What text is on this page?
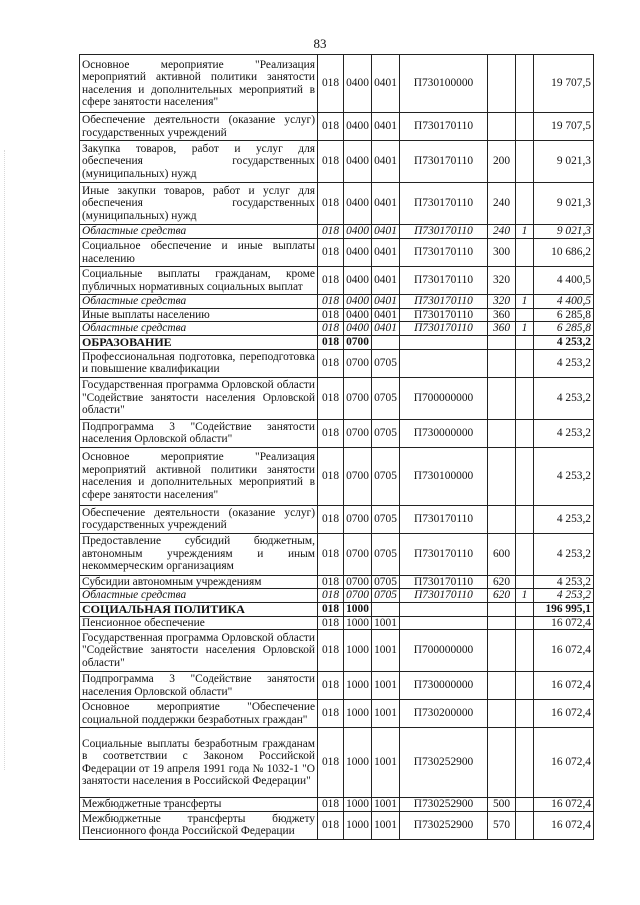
83
Основное мероприятие "Реализация мероприятий активной политики занятости населения и дополнительных мероприятий в сфере занятости населения"	018	0400	0401	П730100000			19 707,5
Обеспечение деятельности (оказание услуг) государственных учреждений	018	0400	0401	П730170110			19 707,5
Закупка товаров, работ и услуг для обеспечения государственных (муниципальных) нужд	018	0400	0401	П730170110	200		9 021,3
Иные закупки товаров, работ и услуг для обеспечения государственных (муниципальных) нужд	018	0400	0401	П730170110	240		9 021,3
Областные средства	018	0400	0401	П730170110	240	1	9 021,3
Социальное обеспечение и иные выплаты населению	018	0400	0401	П730170110	300		10 686,2
Социальные выплаты гражданам, кроме публичных нормативных социальных выплат	018	0400	0401	П730170110	320		4 400,5
Областные средства	018	0400	0401	П730170110	320	1	4 400,5
Иные выплаты населению	018	0400	0401	П730170110	360		6 285,8
Областные средства	018	0400	0401	П730170110	360	1	6 285,8
ОБРАЗОВАНИЕ	018	0700					4 253,2
Профессиональная подготовка, переподготовка и повышение квалификации	018	0700	0705				4 253,2
Государственная программа Орловской области "Содействие занятости населения Орловской области"	018	0700	0705	П700000000			4 253,2
Подпрограмма 3 "Содействие занятости населения Орловской области"	018	0700	0705	П730000000			4 253,2
Основное мероприятие "Реализация мероприятий активной политики занятости населения и дополнительных мероприятий в сфере занятости населения"	018	0700	0705	П730100000			4 253,2
Обеспечение деятельности (оказание услуг) государственных учреждений	018	0700	0705	П730170110			4 253,2
Предоставление субсидий бюджетным, автономным учреждениям и иным некоммерческим организациям	018	0700	0705	П730170110	600		4 253,2
Субсидии автономным учреждениям	018	0700	0705	П730170110	620		4 253,2
Областные средства	018	0700	0705	П730170110	620	1	4 253,2
СОЦИАЛЬНАЯ ПОЛИТИКА	018	1000					196 995,1
Пенсионное обеспечение	018	1000	1001				16 072,4
Государственная программа Орловской области "Содействие занятости населения Орловской области"	018	1000	1001	П700000000			16 072,4
Подпрограмма 3 "Содействие занятости населения Орловской области"	018	1000	1001	П730000000			16 072,4
Основное мероприятие "Обеспечение социальной поддержки безработных граждан"	018	1000	1001	П730200000			16 072,4
Социальные выплаты безработным гражданам в соответствии с Законом Российской Федерации от 19 апреля 1991 года № 1032-1 "О занятости населения в Российской Федерации"	018	1000	1001	П730252900			16 072,4
Межбюджетные трансферты	018	1000	1001	П730252900	500		16 072,4
Межбюджетные трансферты бюджету Пенсионного фонда Российской Федерации	018	1000	1001	П730252900	570		16 072,4
